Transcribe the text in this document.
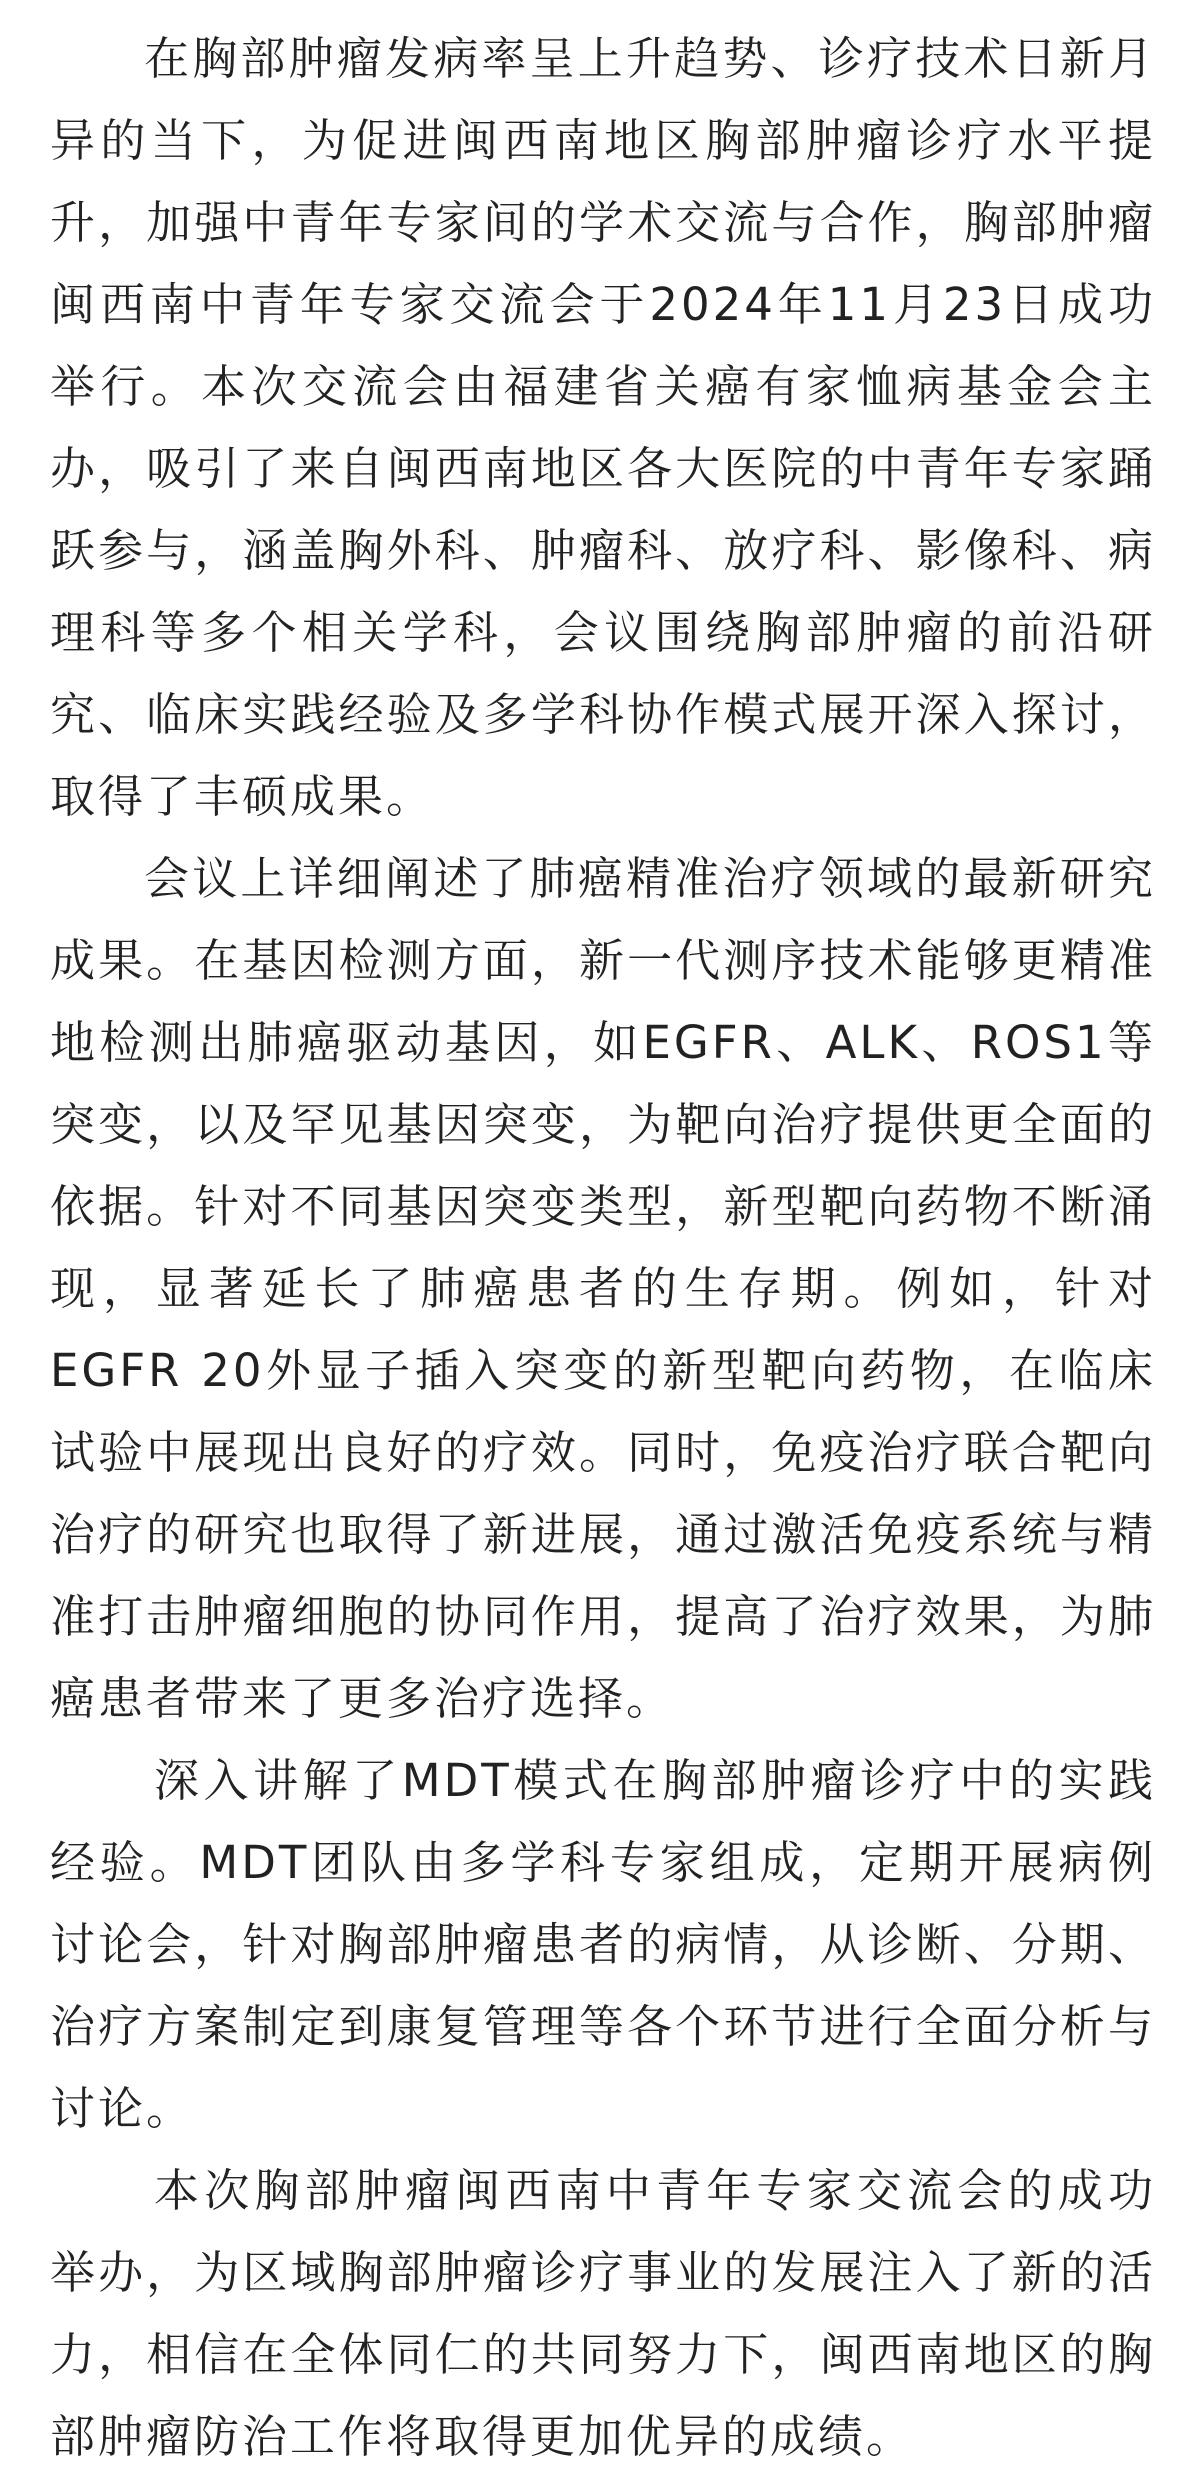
在胸部肿瘤发病率呈上升趋势、诊疗技术日新月异的当下，为促进闽西南地区胸部肿瘤诊疗水平提升，加强中青年专家间的学术交流与合作，胸部肿瘤闽西南中青年专家交流会于2024年11月23日成功举行。本次交流会由福建省关癌有家恤病基金会主办，吸引了来自闽西南地区各大医院的中青年专家踊跃参与，涵盖胸外科、肿瘤科、放疗科、影像科、病理科等多个相关学科，会议围绕胸部肿瘤的前沿研究、临床实践经验及多学科协作模式展开深入探讨，取得了丰硕成果。

会议上详细阐述了肺癌精准治疗领域的最新研究成果。在基因检测方面，新一代测序技术能够更精准地检测出肺癌驱动基因，如EGFR、ALK、ROS1等突变，以及罕见基因突变，为靶向治疗提供更全面的依据。针对不同基因突变类型，新型靶向药物不断涌现，显著延长了肺癌患者的生存期。例如，针对EGFR 20外显子插入突变的新型靶向药物，在临床试验中展现出良好的疗效。同时，免疫治疗联合靶向治疗的研究也取得了新进展，通过激活免疫系统与精准打击肿瘤细胞的协同作用，提高了治疗效果，为肺癌患者带来了更多治疗选择。

深入讲解了MDT模式在胸部肿瘤诊疗中的实践经验。MDT团队由多学科专家组成，定期开展病例讨论会，针对胸部肿瘤患者的病情，从诊断、分期、治疗方案制定到康复管理等各个环节进行全面分析与讨论。

本次胸部肿瘤闽西南中青年专家交流会的成功举办，为区域胸部肿瘤诊疗事业的发展注入了新的活力，相信在全体同仁的共同努力下，闽西南地区的胸部肿瘤防治工作将取得更加优异的成绩。
